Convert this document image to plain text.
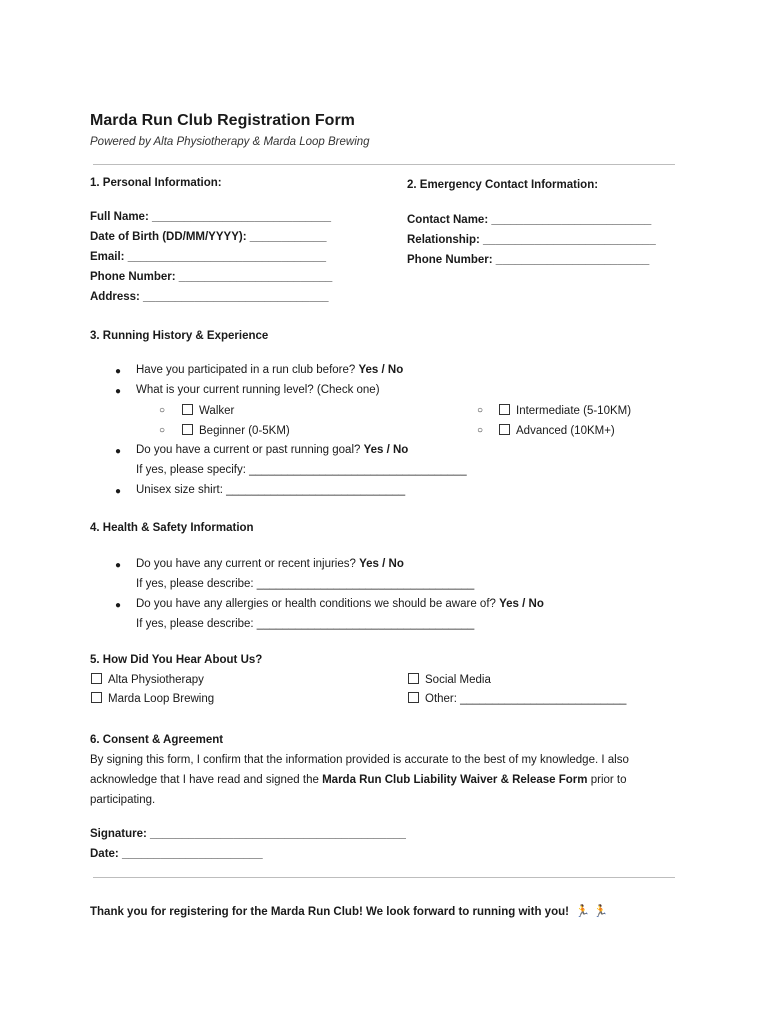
Marda Run Club Registration Form
Powered by Alta Physiotherapy & Marda Loop Brewing
1. Personal Information:
Full Name: ____________________________
Date of Birth (DD/MM/YYYY): ____________
Email: _______________________________
Phone Number: ________________________
Address: _____________________________
2. Emergency Contact Information:
Contact Name: _________________________
Relationship: ___________________________
Phone Number: ________________________
3. Running History & Experience
● Have you participated in a run club before? Yes / No
● What is your current running level? (Check one)
○	Walker	○	Intermediate (5-10KM)
○	Beginner (0-5KM)	○	Advanced (10KM+)
● Do you have a current or past running goal? Yes / No
If yes, please specify: __________________________________
● Unisex size shirt: ____________________________
4. Health & Safety Information
● Do you have any current or recent injuries? Yes / No
If yes, please describe: __________________________________
● Do you have any allergies or health conditions we should be aware of? Yes / No
If yes, please describe: __________________________________
5. How Did You Hear About Us?
Alta Physiotherapy
Marda Loop Brewing
Social Media
Other: __________________________
6. Consent & Agreement
By signing this form, I confirm that the information provided is accurate to the best of my knowledge. I also acknowledge that I have read and signed the Marda Run Club Liability Waiver & Release Form prior to participating.
Signature: ________________________________________
Date: ______________________
Thank you for registering for the Marda Run Club! We look forward to running with you! 🏃 🏃
